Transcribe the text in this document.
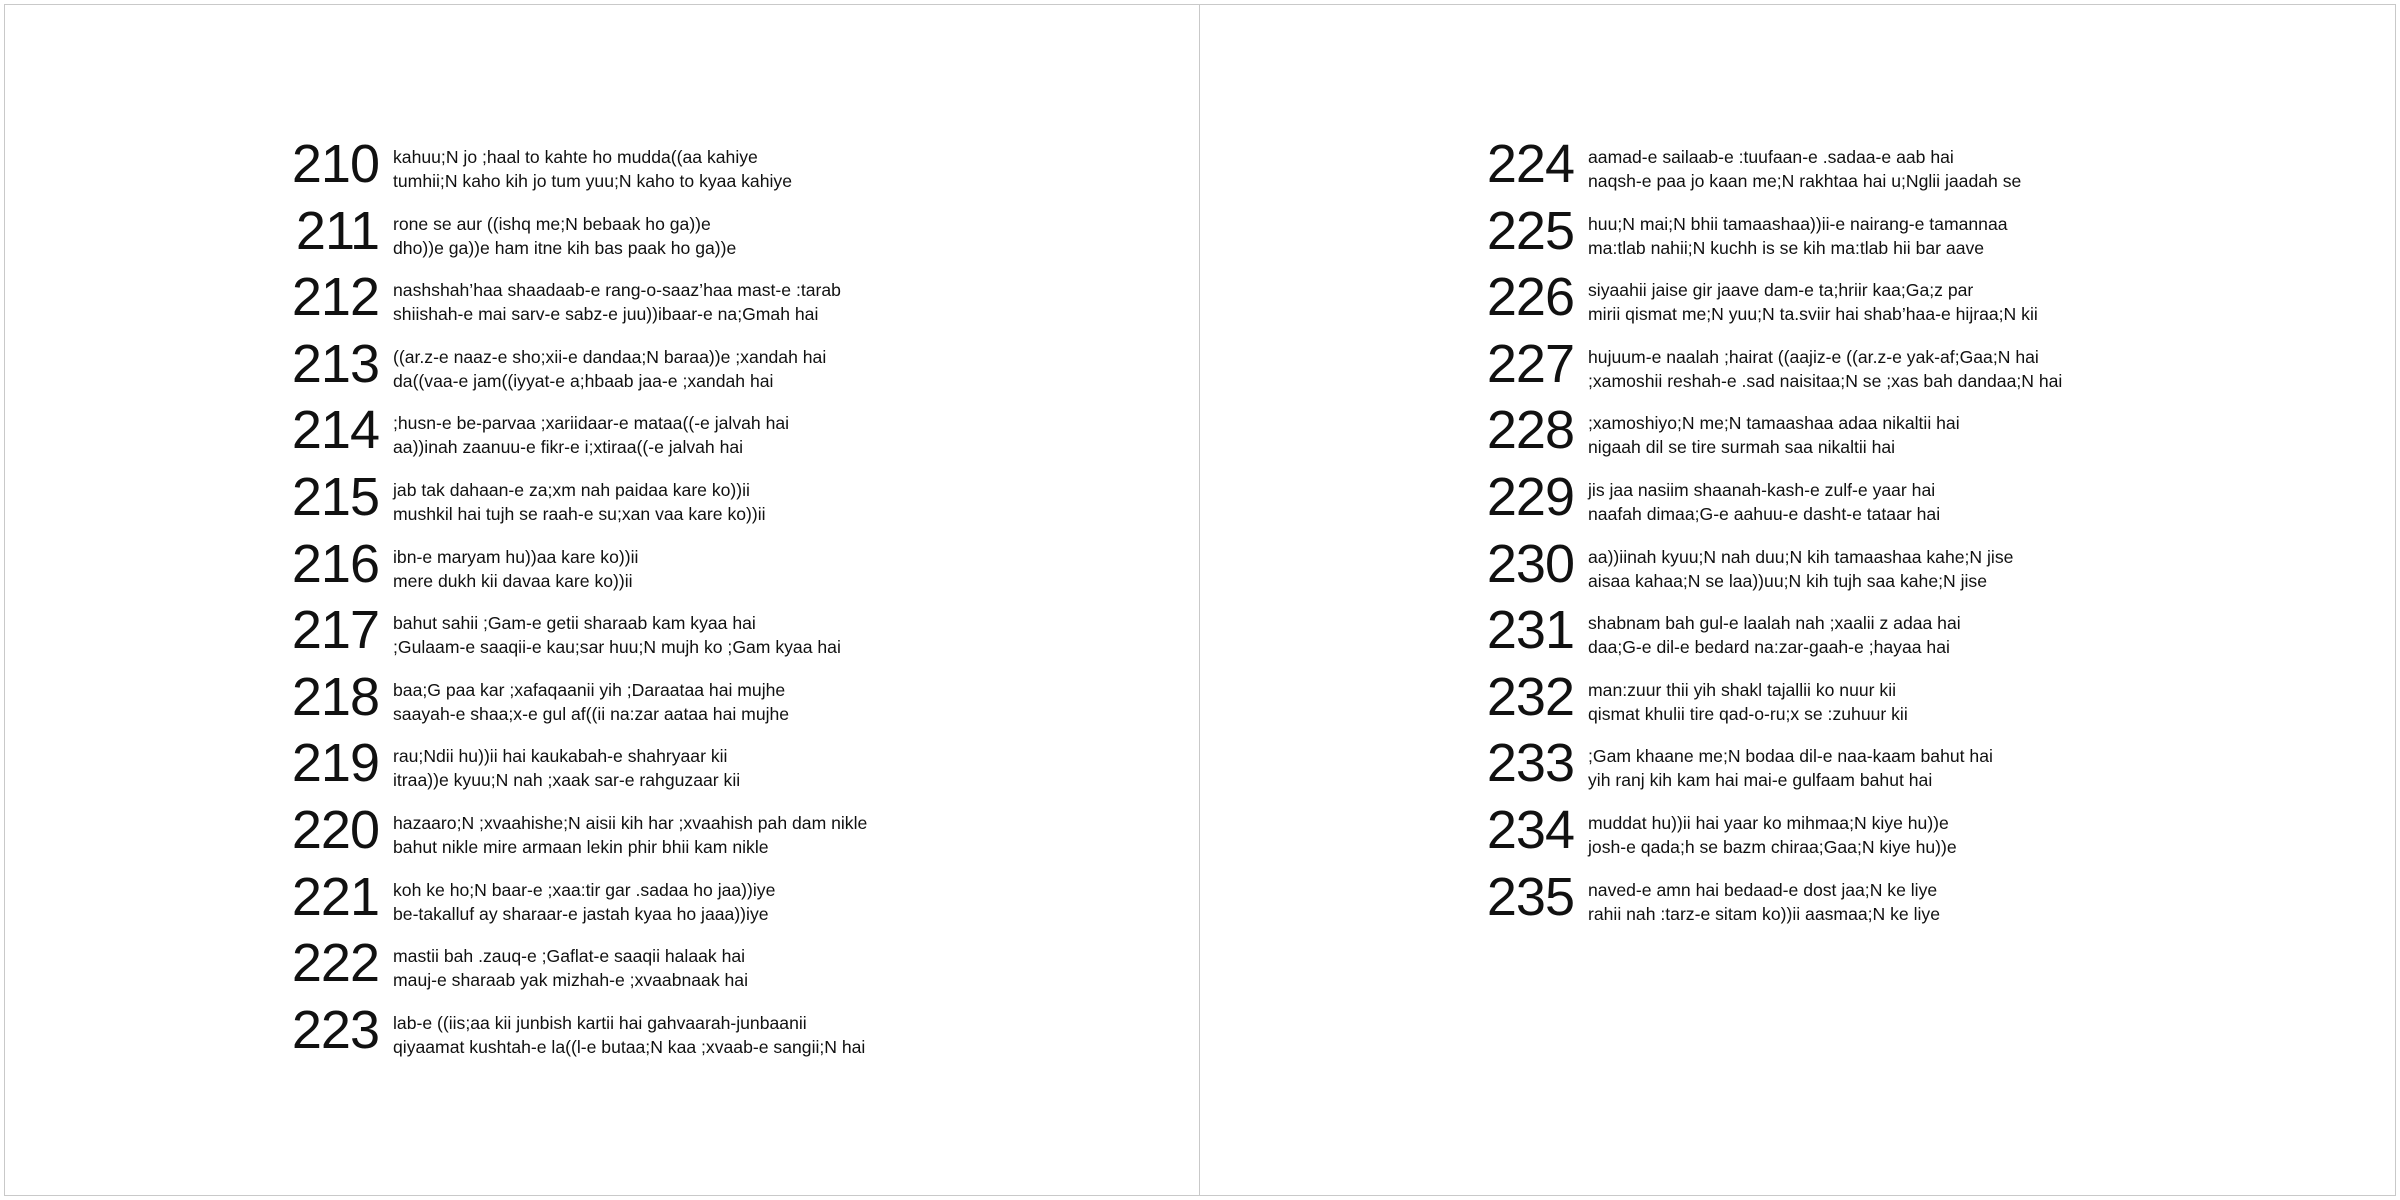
210 kahuu;N jo ;haal to kahte ho mudda((aa kahiye
tumhii;N kaho kih jo tum yuu;N kaho to kyaa kahiye
211 rone se aur ((ishq me;N bebaak ho ga))e
dho))e ga))e ham itne kih bas paak ho ga))e
212 nashshah’haa shaadaab-e rang-o-saaz’haa mast-e :tarab
shiishah-e mai sarv-e sabz-e juu))ibaar-e na;Gmah hai
213 ((ar.z-e naaz-e sho;xii-e dandaa;N baraa))e ;xandah hai
da((vaa-e jam((iyyat-e a;hbaab jaa-e ;xandah hai
214 ;husn-e be-parvaa ;xariidaar-e mataa((-e jalvah hai
aa))inah zaanuu-e fikr-e i;xtiraa((-e jalvah hai
215 jab tak dahaan-e za;xm nah paidaa kare ko))ii
mushkil hai tujh se raah-e su;xan vaa kare ko))ii
216 ibn-e maryam hu))aa kare ko))ii
mere dukh kii davaa kare ko))ii
217 bahut sahii ;Gam-e getii sharaab kam kyaa hai
;Gulaam-e saaqii-e kau;sar huu;N mujh ko ;Gam kyaa hai
218 baa;G paa kar ;xafaqaanii yih ;Daraataa hai mujhe
saayah-e shaa;x-e gul af((ii na:zar aataa hai mujhe
219 rau;Ndii hu))ii hai kaukabah-e shahryaar kii
itraa))e kyuu;N nah ;xaak sar-e rahguzaar kii
220 hazaaro;N ;xvaahishe;N aisii kih har ;xvaahish pah dam nikle
bahut nikle mire armaan lekin phir bhii kam nikle
221 koh ke ho;N baar-e ;xaa:tir gar .sadaa ho jaa))iye
be-takalluf ay sharaar-e jastah kyaa ho jaaa))iye
222 mastii bah .zauq-e ;Gaflat-e saaqii halaak hai
mauj-e sharaab yak mizhah-e ;xvaabnaak hai
223 lab-e ((iis;aa kii junbish kartii hai gahvaarah-junbaanii
qiyaamat kushtah-e la((l-e butaa;N kaa ;xvaab-e sangii;N hai
224 aamad-e sailaab-e :tuufaan-e .sadaa-e aab hai
naqsh-e paa jo kaan me;N rakhtaa hai u;Nglii jaadah se
225 huu;N mai;N bhii tamaashaa))ii-e nairang-e tamannaa
ma:tlab nahii;N kuchh is se kih ma:tlab hii bar aave
226 siyaahii jaise gir jaave dam-e ta;hriir kaa;Ga;z par
mirii qismat me;N yuu;N ta.sviir hai shab’haa-e hijraa;N kii
227 hujuum-e naalah ;hairat ((aajiz-e ((ar.z-e yak-af;Gaa;N hai
;xamoshii reshah-e .sad naisitaa;N se ;xas bah dandaa;N hai
228 ;xamoshiyo;N me;N tamaashaa adaa nikaltii hai
nigaah dil se tire surmah saa nikaltii hai
229 jis jaa nasiim shaanah-kash-e zulf-e yaar hai
naafah dimaa;G-e aahuu-e dasht-e tataar hai
230 aa))iinah kyuu;N nah duu;N kih tamaashaa kahe;N jise
aisaa kahaa;N se laa))uu;N kih tujh saa kahe;N jise
231 shabnam bah gul-e laalah nah ;xaalii z adaa hai
daa;G-e dil-e bedard na:zar-gaah-e ;hayaa hai
232 man:zuur thii yih shakl tajallii ko nuur kii
qismat khulii tire qad-o-ru;x se :zuhuur kii
233 ;Gam khaane me;N bodaa dil-e naa-kaam bahut hai
yih ranj kih kam hai mai-e gulfaam bahut hai
234 muddat hu))ii hai yaar ko mihmaa;N kiye hu))e
josh-e qada;h se bazm chiraa;Gaa;N kiye hu))e
235 naved-e amn hai bedaad-e dost jaa;N ke liye
rahii nah :tarz-e sitam ko))ii aasmaa;N ke liye
